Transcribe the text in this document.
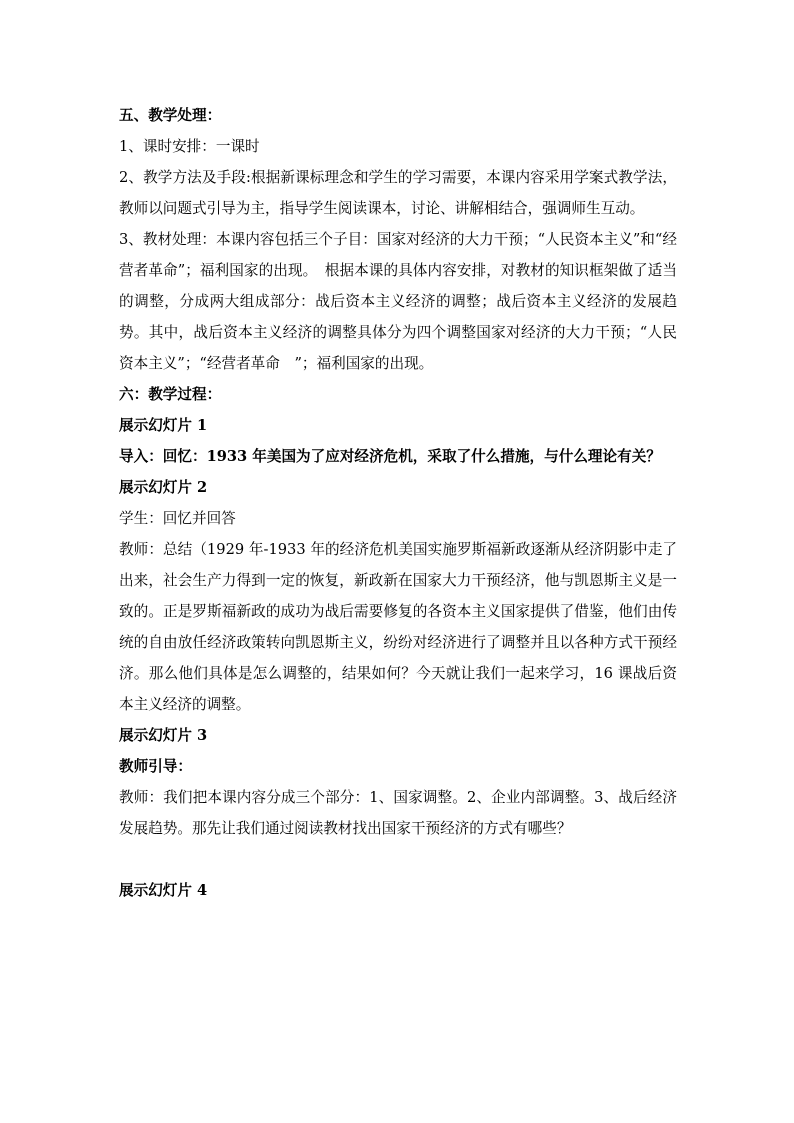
五、教学处理：

1、课时安排：一课时

2、教学方法及手段:根据新课标理念和学生的学习需要，本课内容采用学案式教学法，教师以问题式引导为主，指导学生阅读课本，讨论、讲解相结合，强调师生互动。

3、教材处理：本课内容包括三个子目：国家对经济的大力干预；“人民资本主义”和“经营者革命”；福利国家的出现。　根据本课的具体内容安排，对教材的知识框架做了适当的调整，分成两大组成部分：战后资本主义经济的调整；战后资本主义经济的发展趋势。其中，战后资本主义经济的调整具体分为四个调整国家对经济的大力干预；“人民资本主义”；“经营者革命　”；福利国家的出现。

六：教学过程：

展示幻灯片 1

导入：回忆：1933 年美国为了应对经济危机，采取了什么措施，与什么理论有关？

展示幻灯片 2

学生：回忆并回答

教师：总结（1929 年-1933 年的经济危机美国实施罗斯福新政逐渐从经济阴影中走了出来，社会生产力得到一定的恢复，新政新在国家大力干预经济，他与凯恩斯主义是一致的。正是罗斯福新政的成功为战后需要修复的各资本主义国家提供了借鉴，他们由传统的自由放任经济政策转向凯恩斯主义，纷纷对经济进行了调整并且以各种方式干预经济。那么他们具体是怎么调整的，结果如何？今天就让我们一起来学习，16 课战后资本主义经济的调整。

展示幻灯片 3

教师引导：

教师：我们把本课内容分成三个部分：1、国家调整。2、企业内部调整。3、战后经济发展趋势。那先让我们通过阅读教材找出国家干预经济的方式有哪些？

展示幻灯片 4
